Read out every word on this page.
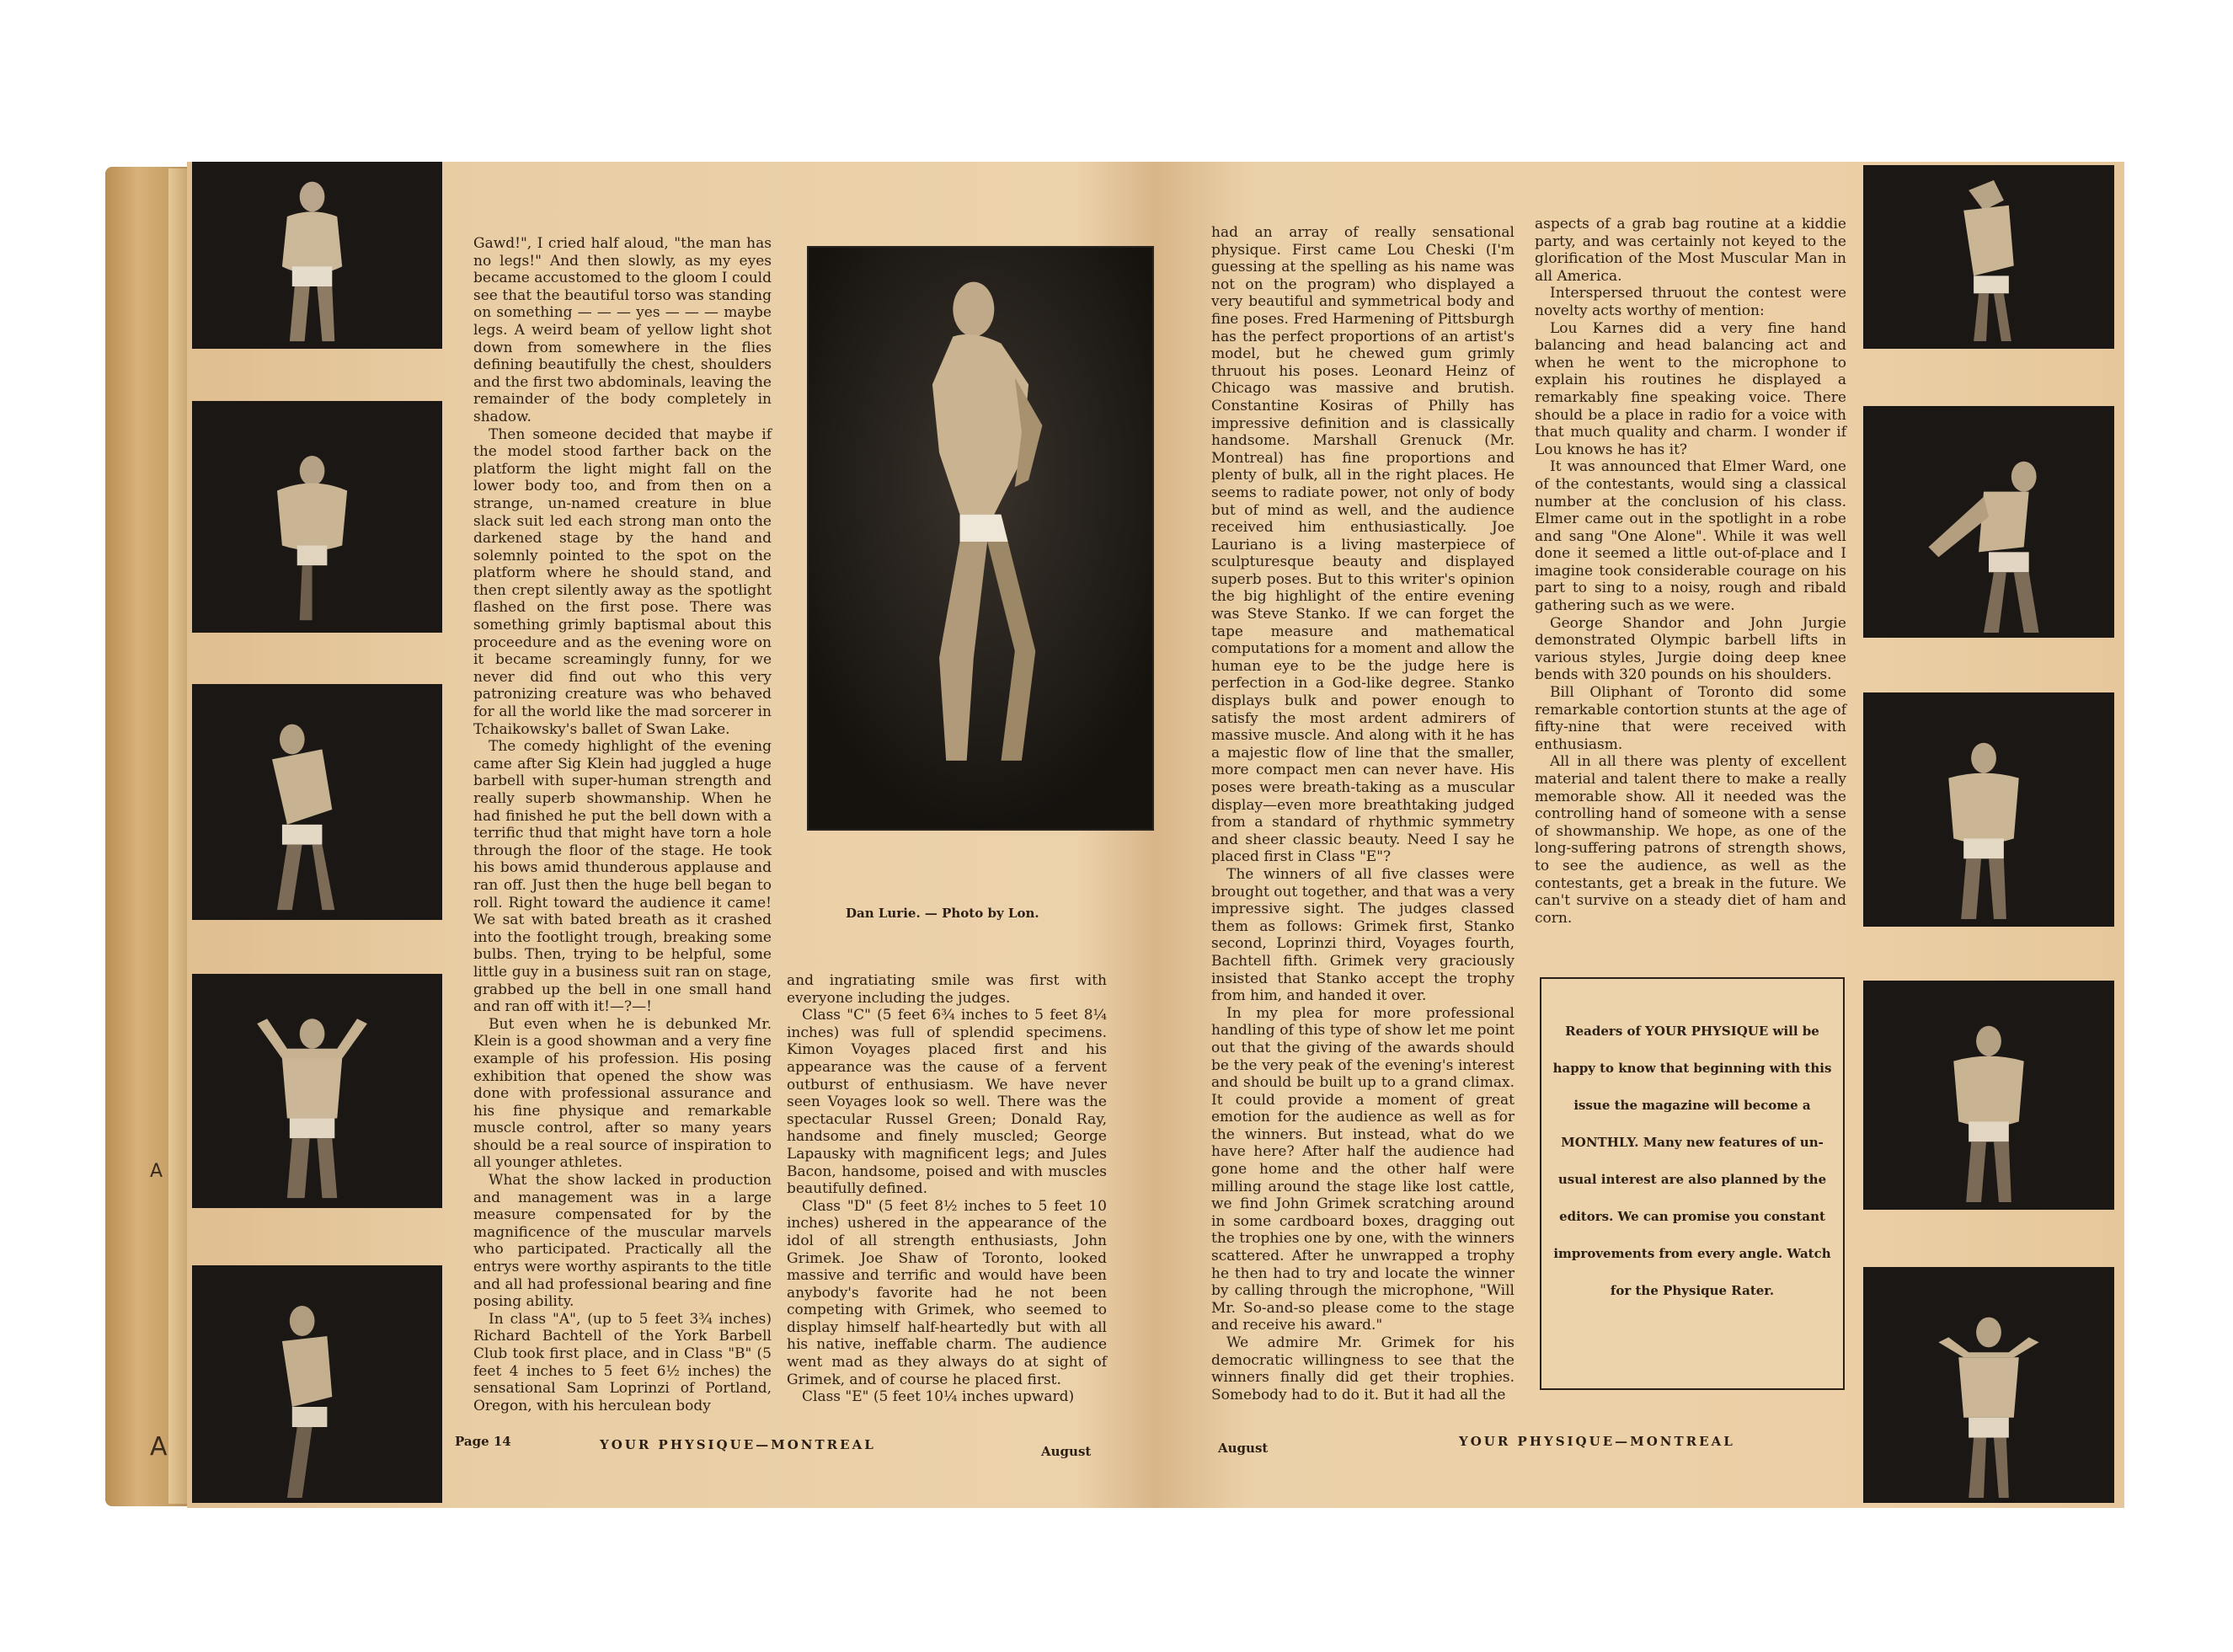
A
A

Gawd!", I cried half aloud, "the man has no legs!" And then slowly, as my eyes became accustomed to the gloom I could see that the beautiful torso was standing on something — — — yes — — — maybe legs. A weird beam of yellow light shot down from somewhere in the flies defining beautifully the chest, shoulders and the first two abdominals, leaving the remainder of the body completely in shadow.

Then someone decided that maybe if the model stood farther back on the platform the light might fall on the lower body too, and from then on a strange, un-named creature in blue slack suit led each strong man onto the darkened stage by the hand and solemnly pointed to the spot on the platform where he should stand, and then crept silently away as the spotlight flashed on the first pose. There was something grimly baptismal about this proceedure and as the evening wore on it became screamingly funny, for we never did find out who this very patronizing creature was who behaved for all the world like the mad sorcerer in Tchaikowsky's ballet of Swan Lake.

The comedy highlight of the evening came after Sig Klein had juggled a huge barbell with super-human strength and really superb showmanship. When he had finished he put the bell down with a terrific thud that might have torn a hole through the floor of the stage. He took his bows amid thunderous applause and ran off. Just then the huge bell began to roll. Right toward the audience it came! We sat with bated breath as it crashed into the footlight trough, breaking some bulbs. Then, trying to be helpful, some little guy in a business suit ran on stage, grabbed up the bell in one small hand and ran off with it!—?—!

But even when he is debunked Mr. Klein is a good showman and a very fine example of his profession. His posing exhibition that opened the show was done with professional assurance and his fine physique and remarkable muscle control, after so many years should be a real source of inspiration to all younger athletes.

What the show lacked in production and management was in a large measure compensated for by the magnificence of the muscular marvels who participated. Practically all the entrys were worthy aspirants to the title and all had professional bearing and fine posing ability.

In class "A", (up to 5 feet 3¾ inches) Richard Bachtell of the York Barbell Club took first place, and in Class "B" (5 feet 4 inches to 5 feet 6½ inches) the sensational Sam Loprinzi of Portland, Oregon, with his herculean body

Dan Lurie. — Photo by Lon.

and ingratiating smile was first with everyone including the judges.

Class "C" (5 feet 6¾ inches to 5 feet 8¼ inches) was full of splendid specimens. Kimon Voyages placed first and his appearance was the cause of a fervent outburst of enthusiasm. We have never seen Voyages look so well. There was the spectacular Russel Green; Donald Ray, handsome and finely muscled; George Lapausky with magnificent legs; and Jules Bacon, handsome, poised and with muscles beautifully defined.

Class "D" (5 feet 8½ inches to 5 feet 10 inches) ushered in the appearance of the idol of all strength enthusiasts, John Grimek. Joe Shaw of Toronto, looked massive and terrific and would have been anybody's favorite had he not been competing with Grimek, who seemed to display himself half-heartedly but with all his native, ineffable charm. The audience went mad as they always do at sight of Grimek, and of course he placed first.

Class "E" (5 feet 10¼ inches upward)

Page 14	YOUR PHYSIQUE—MONTREAL	August

had an array of really sensational physique. First came Lou Cheski (I'm guessing at the spelling as his name was not on the program) who displayed a very beautiful and symmetrical body and fine poses. Fred Harmening of Pittsburgh has the perfect proportions of an artist's model, but he chewed gum grimly thruout his poses. Leonard Heinz of Chicago was massive and brutish. Constantine Kosiras of Philly has impressive definition and is classically handsome. Marshall Grenuck (Mr. Montreal) has fine proportions and plenty of bulk, all in the right places. He seems to radiate power, not only of body but of mind as well, and the audience received him enthusiastically. Joe Lauriano is a living masterpiece of sculpturesque beauty and displayed superb poses. But to this writer's opinion the big highlight of the entire evening was Steve Stanko. If we can forget the tape measure and mathematical computations for a moment and allow the human eye to be the judge here is perfection in a God-like degree. Stanko displays bulk and power enough to satisfy the most ardent admirers of massive muscle. And along with it he has a majestic flow of line that the smaller, more compact men can never have. His poses were breath-taking as a muscular display—even more breathtaking judged from a standard of rhythmic symmetry and sheer classic beauty. Need I say he placed first in Class "E"?

The winners of all five classes were brought out together, and that was a very impressive sight. The judges classed them as follows: Grimek first, Stanko second, Loprinzi third, Voyages fourth, Bachtell fifth. Grimek very graciously insisted that Stanko accept the trophy from him, and handed it over.

In my plea for more professional handling of this type of show let me point out that the giving of the awards should be the very peak of the evening's interest and should be built up to a grand climax. It could provide a moment of great emotion for the audience as well as for the winners. But instead, what do we have here? After half the audience had gone home and the other half were milling around the stage like lost cattle, we find John Grimek scratching around in some cardboard boxes, dragging out the trophies one by one, with the winners scattered. After he unwrapped a trophy he then had to try and locate the winner by calling through the microphone, "Will Mr. So-and-so please come to the stage and receive his award."

We admire Mr. Grimek for his democratic willingness to see that the winners finally did get their trophies. Somebody had to do it. But it had all the

aspects of a grab bag routine at a kiddie party, and was certainly not keyed to the glorification of the Most Muscular Man in all America.

Interspersed thruout the contest were novelty acts worthy of mention:

Lou Karnes did a very fine hand balancing and head balancing act and when he went to the microphone to explain his routines he displayed a remarkably fine speaking voice. There should be a place in radio for a voice with that much quality and charm. I wonder if Lou knows he has it?

It was announced that Elmer Ward, one of the contestants, would sing a classical number at the conclusion of his class. Elmer came out in the spotlight in a robe and sang "One Alone". While it was well done it seemed a little out-of-place and I imagine took considerable courage on his part to sing to a noisy, rough and ribald gathering such as we were.

George Shandor and John Jurgie demonstrated Olympic barbell lifts in various styles, Jurgie doing deep knee bends with 320 pounds on his shoulders.

Bill Oliphant of Toronto did some remarkable contortion stunts at the age of fifty-nine that were received with enthusiasm.

All in all there was plenty of excellent material and talent there to make a really memorable show. All it needed was the controlling hand of someone with a sense of showmanship. We hope, as one of the long-suffering patrons of strength shows, to see the audience, as well as the contestants, get a break in the future. We can't survive on a steady diet of ham and corn.

Readers of YOUR PHYSIQUE will be

happy to know that beginning with this

issue the magazine will become a

MONTHLY. Many new features of un-

usual interest are also planned by the

editors. We can promise you constant

improvements from every angle. Watch

for the Physique Rater.

August	YOUR PHYSIQUE—MONTREAL
